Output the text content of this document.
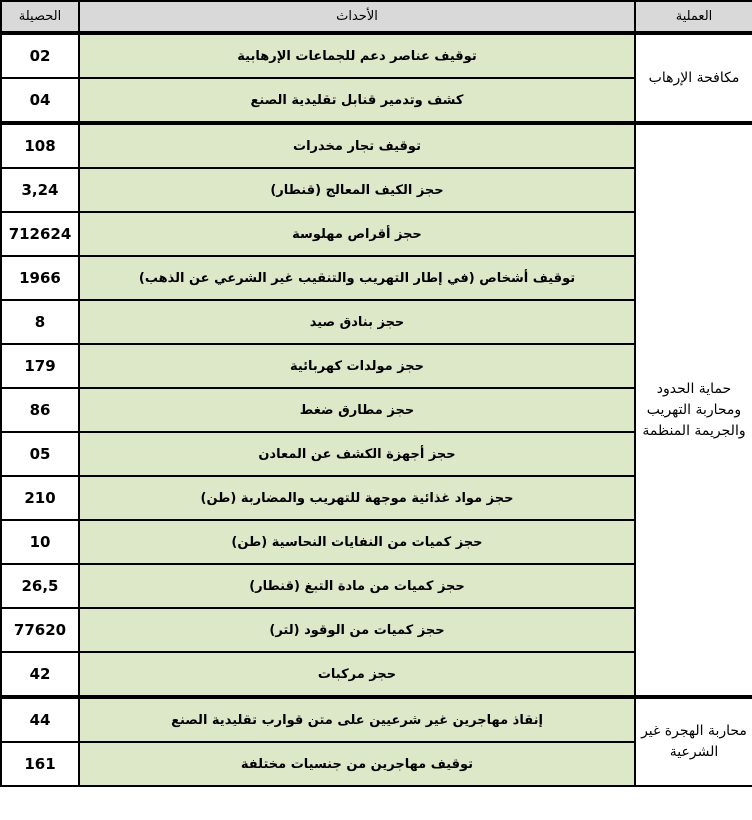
الحصيلة	الأحداث	العملية
02	توقيف عناصر دعم للجماعات الإرهابية	مكافحة الإرهاب
04	كشف وتدمير قنابل تقليدية الصنع	
108	توقيف تجار مخدرات	حماية الحدود ومحاربة التهريب والجريمة المنظمة
3,24	حجز الكيف المعالج (قنطار)	
712624	حجز أقراص مهلوسة	
1966	توقيف أشخاص (في إطار التهريب والتنقيب غير الشرعي عن الذهب)	
8	حجز بنادق صيد	
179	حجز مولدات كهربائية	
86	حجز مطارق ضغط	
05	حجز أجهزة الكشف عن المعادن	
210	حجز مواد غذائية موجهة للتهريب والمضاربة (طن)	
10	حجز كميات من النفايات النحاسية (طن)	
26,5	حجز كميات من مادة التبغ (قنطار)	
77620	حجز كميات من الوقود (لتر)	
42	حجز مركبات	
44	إنقاذ مهاجرين غير شرعيين على متن قوارب تقليدية الصنع	محاربة الهجرة غير الشرعية
161	توقيف مهاجرين من جنسيات مختلفة	
